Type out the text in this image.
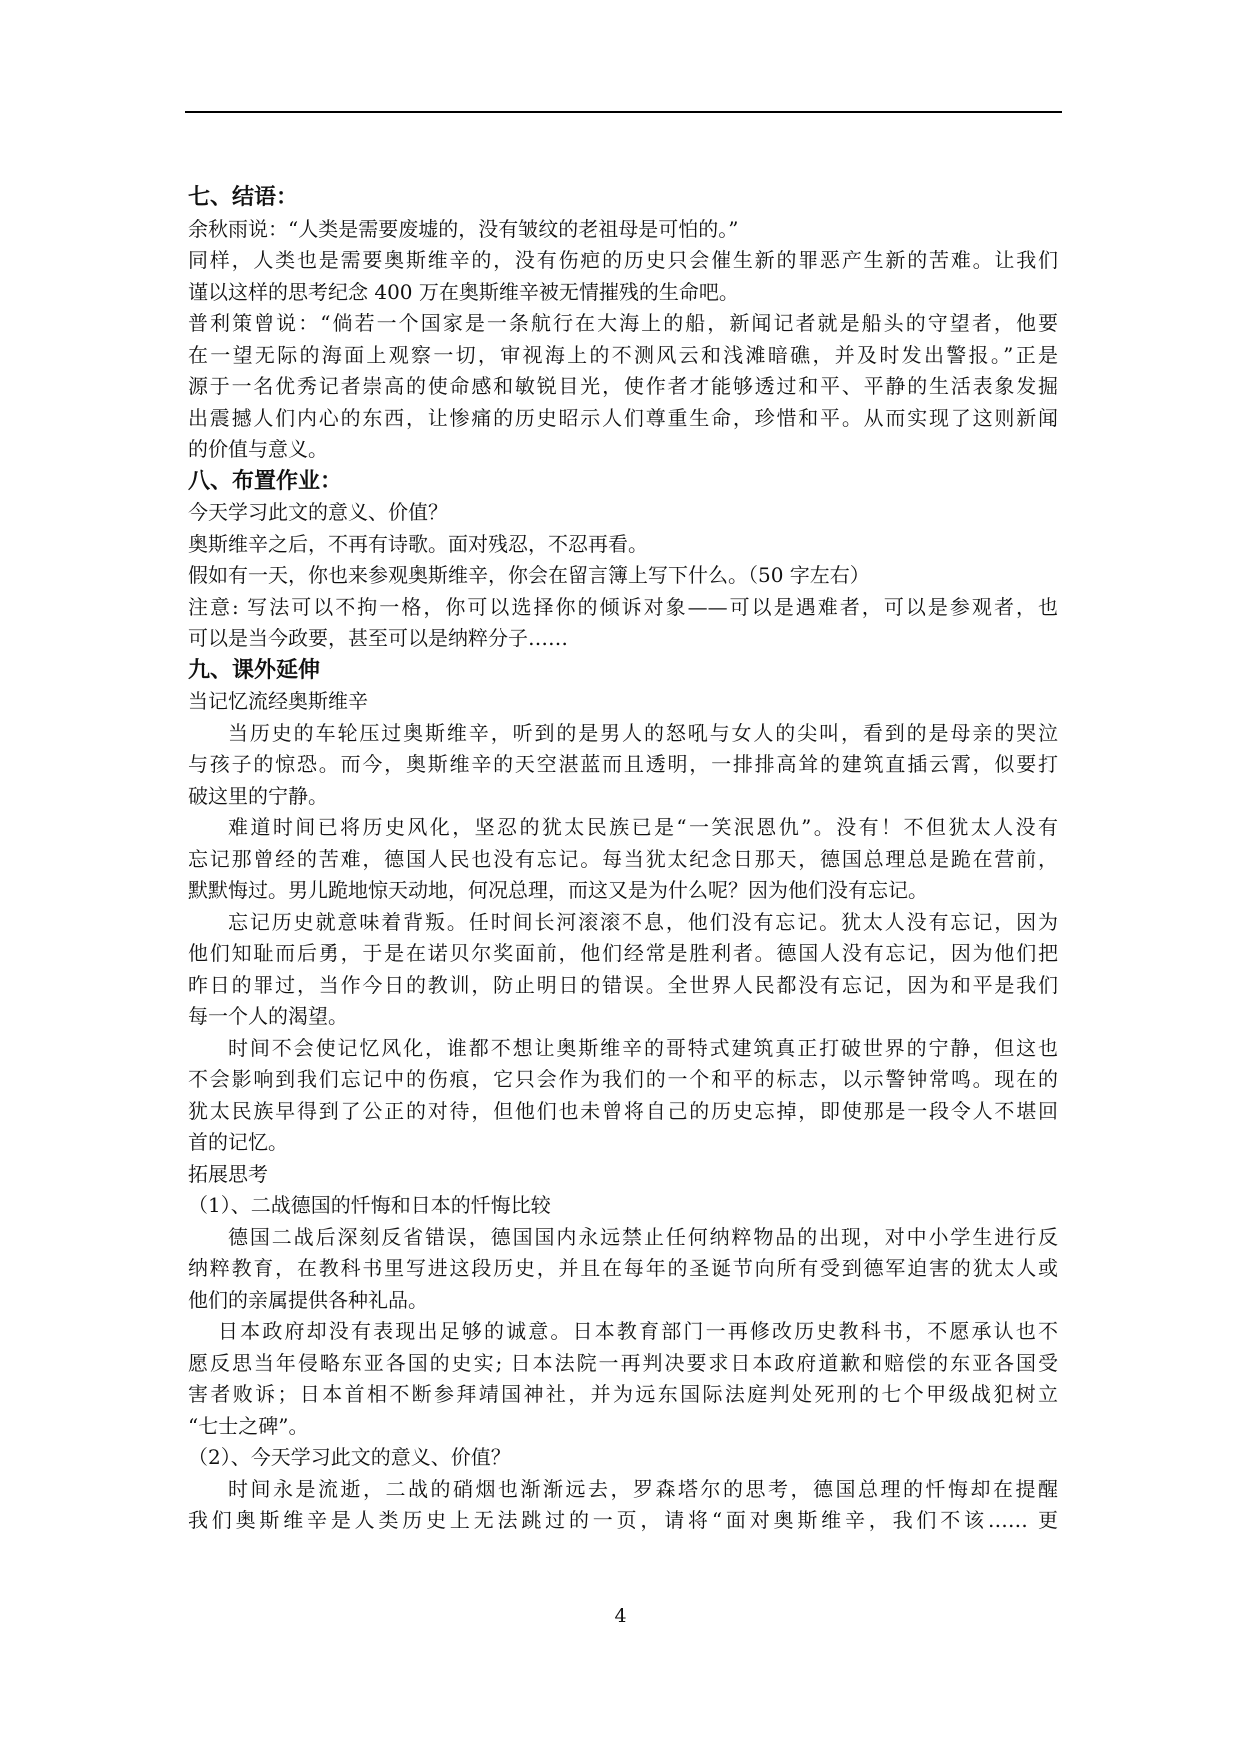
七、结语：
余秋雨说：“人类是需要废墟的，没有皱纹的老祖母是可怕的。”
同样，人类也是需要奥斯维辛的，没有伤疤的历史只会催生新的罪恶产生新的苦难。让我们
谨以这样的思考纪念 400 万在奥斯维辛被无情摧残的生命吧。
普利策曾说：“倘若一个国家是一条航行在大海上的船，新闻记者就是船头的守望者，他要
在一望无际的海面上观察一切，审视海上的不测风云和浅滩暗礁，并及时发出警报。”正是
源于一名优秀记者崇高的使命感和敏锐目光，使作者才能够透过和平、平静的生活表象发掘
出震撼人们内心的东西，让惨痛的历史昭示人们尊重生命，珍惜和平。从而实现了这则新闻
的价值与意义。
八、布置作业：
今天学习此文的意义、价值？
奥斯维辛之后，不再有诗歌。面对残忍，不忍再看。
假如有一天，你也来参观奥斯维辛，你会在留言簿上写下什么。（50 字左右）
注意: 写法可以不拘一格，你可以选择你的倾诉对象——可以是遇难者，可以是参观者，也
可以是当今政要，甚至可以是纳粹分子……
九、课外延伸
当记忆流经奥斯维辛
当历史的车轮压过奥斯维辛，听到的是男人的怒吼与女人的尖叫，看到的是母亲的哭泣
与孩子的惊恐。而今，奥斯维辛的天空湛蓝而且透明，一排排高耸的建筑直插云霄，似要打
破这里的宁静。
难道时间已将历史风化，坚忍的犹太民族已是“一笑泯恩仇”。没有！不但犹太人没有
忘记那曾经的苦难，德国人民也没有忘记。每当犹太纪念日那天，德国总理总是跪在营前，
默默悔过。男儿跪地惊天动地，何况总理，而这又是为什么呢？因为他们没有忘记。
忘记历史就意味着背叛。任时间长河滚滚不息，他们没有忘记。犹太人没有忘记，因为
他们知耻而后勇，于是在诺贝尔奖面前，他们经常是胜利者。德国人没有忘记，因为他们把
昨日的罪过，当作今日的教训，防止明日的错误。全世界人民都没有忘记，因为和平是我们
每一个人的渴望。
时间不会使记忆风化，谁都不想让奥斯维辛的哥特式建筑真正打破世界的宁静，但这也
不会影响到我们忘记中的伤痕，它只会作为我们的一个和平的标志，以示警钟常鸣。现在的
犹太民族早得到了公正的对待，但他们也未曾将自己的历史忘掉，即使那是一段令人不堪回
首的记忆。
拓展思考
（1）、二战德国的忏悔和日本的忏悔比较
德国二战后深刻反省错误，德国国内永远禁止任何纳粹物品的出现，对中小学生进行反
纳粹教育，在教科书里写进这段历史，并且在每年的圣诞节向所有受到德军迫害的犹太人或
他们的亲属提供各种礼品。
日本政府却没有表现出足够的诚意。日本教育部门一再修改历史教科书，不愿承认也不
愿反思当年侵略东亚各国的史实; 日本法院一再判决要求日本政府道歉和赔偿的东亚各国受
害者败诉；日本首相不断参拜靖国神社，并为远东国际法庭判处死刑的七个甲级战犯树立
“七士之碑”。
（2）、今天学习此文的意义、价值？
时间永是流逝，二战的硝烟也渐渐远去，罗森塔尔的思考，德国总理的忏悔却在提醒
我们奥斯维辛是人类历史上无法跳过的一页，请将“面对奥斯维辛，我们不该…… 更
4
